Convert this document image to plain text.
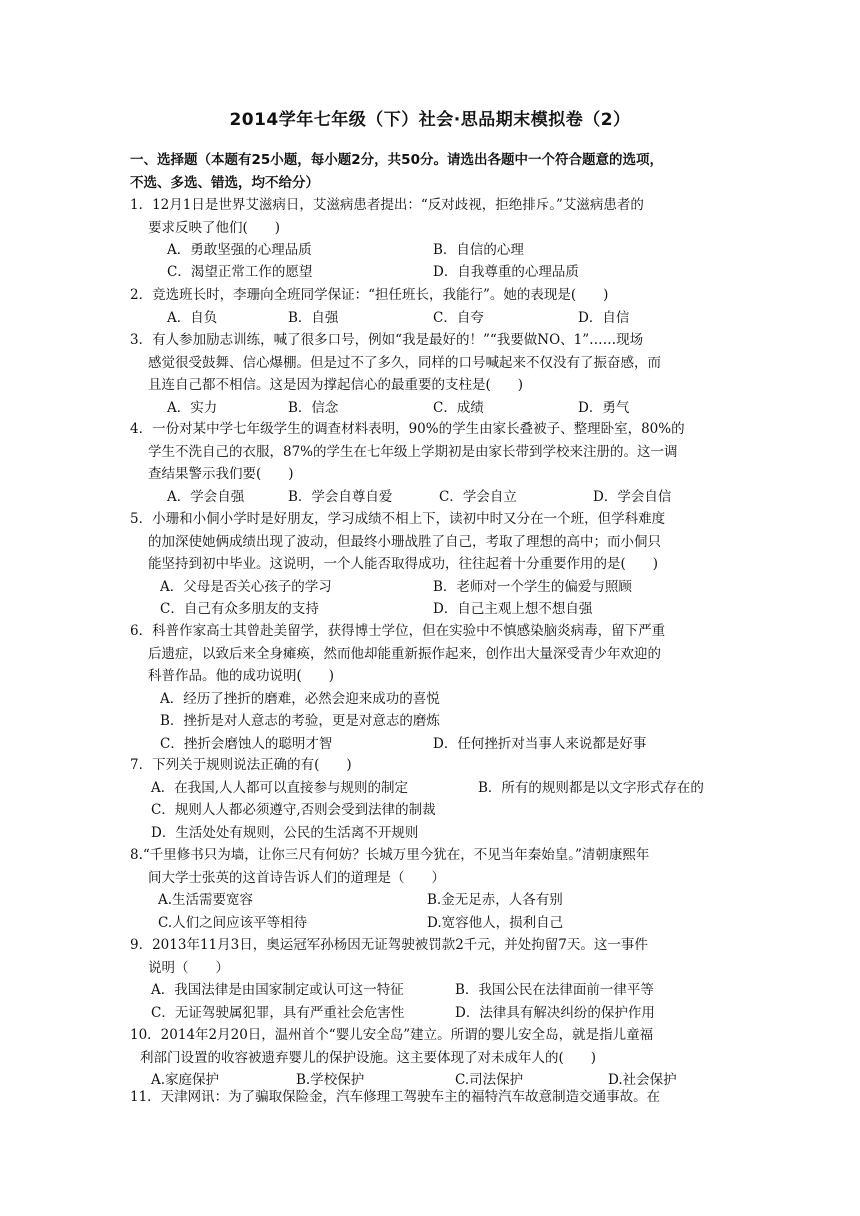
2014学年七年级（下）社会·思品期末模拟卷（2）
一、选择题（本题有25小题，每小题2分，共50分。请选出各题中一个符合题意的选项，
不选、多选、错选，均不给分）
1．12月1日是世界艾滋病日，艾滋病患者提出：“反对歧视，拒绝排斥。”艾滋病患者的
要求反映了他们(　　)
A．勇敢坚强的心理品质	B．自信的心理
C．渴望正常工作的愿望	D．自我尊重的心理品质
2．竞选班长时，李珊向全班同学保证：“担任班长，我能行”。她的表现是(　　)
A．自负	B．自强	C．自夸	D．自信
3．有人参加励志训练，喊了很多口号，例如“我是最好的！”“我要做NO、1”……现场
感觉很受鼓舞、信心爆棚。但是过不了多久，同样的口号喊起来不仅没有了振奋感，而
且连自己都不相信。这是因为撑起信心的最重要的支柱是(　　)
A．实力	B．信念	C．成绩	D．勇气
4．一份对某中学七年级学生的调查材料表明，90%的学生由家长叠被子、整理卧室，80%的
学生不洗自己的衣服，87%的学生在七年级上学期初是由家长带到学校来注册的。这一调
查结果警示我们要(　　)
A．学会自强	B．学会自尊自爱	C．学会自立	D．学会自信
5．小珊和小侗小学时是好朋友，学习成绩不相上下，读初中时又分在一个班，但学科难度
的加深使她俩成绩出现了波动，但最终小珊战胜了自己，考取了理想的高中；而小侗只
能坚持到初中毕业。这说明，一个人能否取得成功，往往起着十分重要作用的是(　　)
A．父母是否关心孩子的学习	B．老师对一个学生的偏爱与照顾
C．自己有众多朋友的支持	D．自己主观上想不想自强
6．科普作家高士其曾赴美留学，获得博士学位，但在实验中不慎感染脑炎病毒，留下严重
后遗症，以致后来全身瘫痪，然而他却能重新振作起来，创作出大量深受青少年欢迎的
科普作品。他的成功说明(　　)
A．经历了挫折的磨难，必然会迎来成功的喜悦
B．挫折是对人意志的考验，更是对意志的磨炼
C．挫折会磨蚀人的聪明才智	D．任何挫折对当事人来说都是好事
7．下列关于规则说法正确的有(　　)
A．在我国,人人都可以直接参与规则的制定	B．所有的规则都是以文字形式存在的
C．规则人人都必须遵守,否则会受到法律的制裁
D．生活处处有规则，公民的生活离不开规则
8.“千里修书只为墙，让你三尺有何妨？长城万里今犹在，不见当年秦始皇。”清朝康熙年
间大学士张英的这首诗告诉人们的道理是（　　）
A.生活需要宽容	B.金无足赤，人各有别
C.人们之间应该平等相待	D.宽容他人，损利自己
9．2013年11月3日，奥运冠军孙杨因无证驾驶被罚款2千元，并处拘留7天。这一事件
说明（　　）
A．我国法律是由国家制定或认可这一特征	B．我国公民在法律面前一律平等
C．无证驾驶属犯罪，具有严重社会危害性	D．法律具有解决纠纷的保护作用
10．2014年2月20日，温州首个“婴儿安全岛”建立。所谓的婴儿安全岛，就是指儿童福
利部门设置的收容被遗弃婴儿的保护设施。这主要体现了对未成年人的(　　)
A.家庭保护	B.学校保护	C.司法保护	D.社会保护
11．天津网讯：为了骗取保险金，汽车修理工驾驶车主的福特汽车故意制造交通事故。在
